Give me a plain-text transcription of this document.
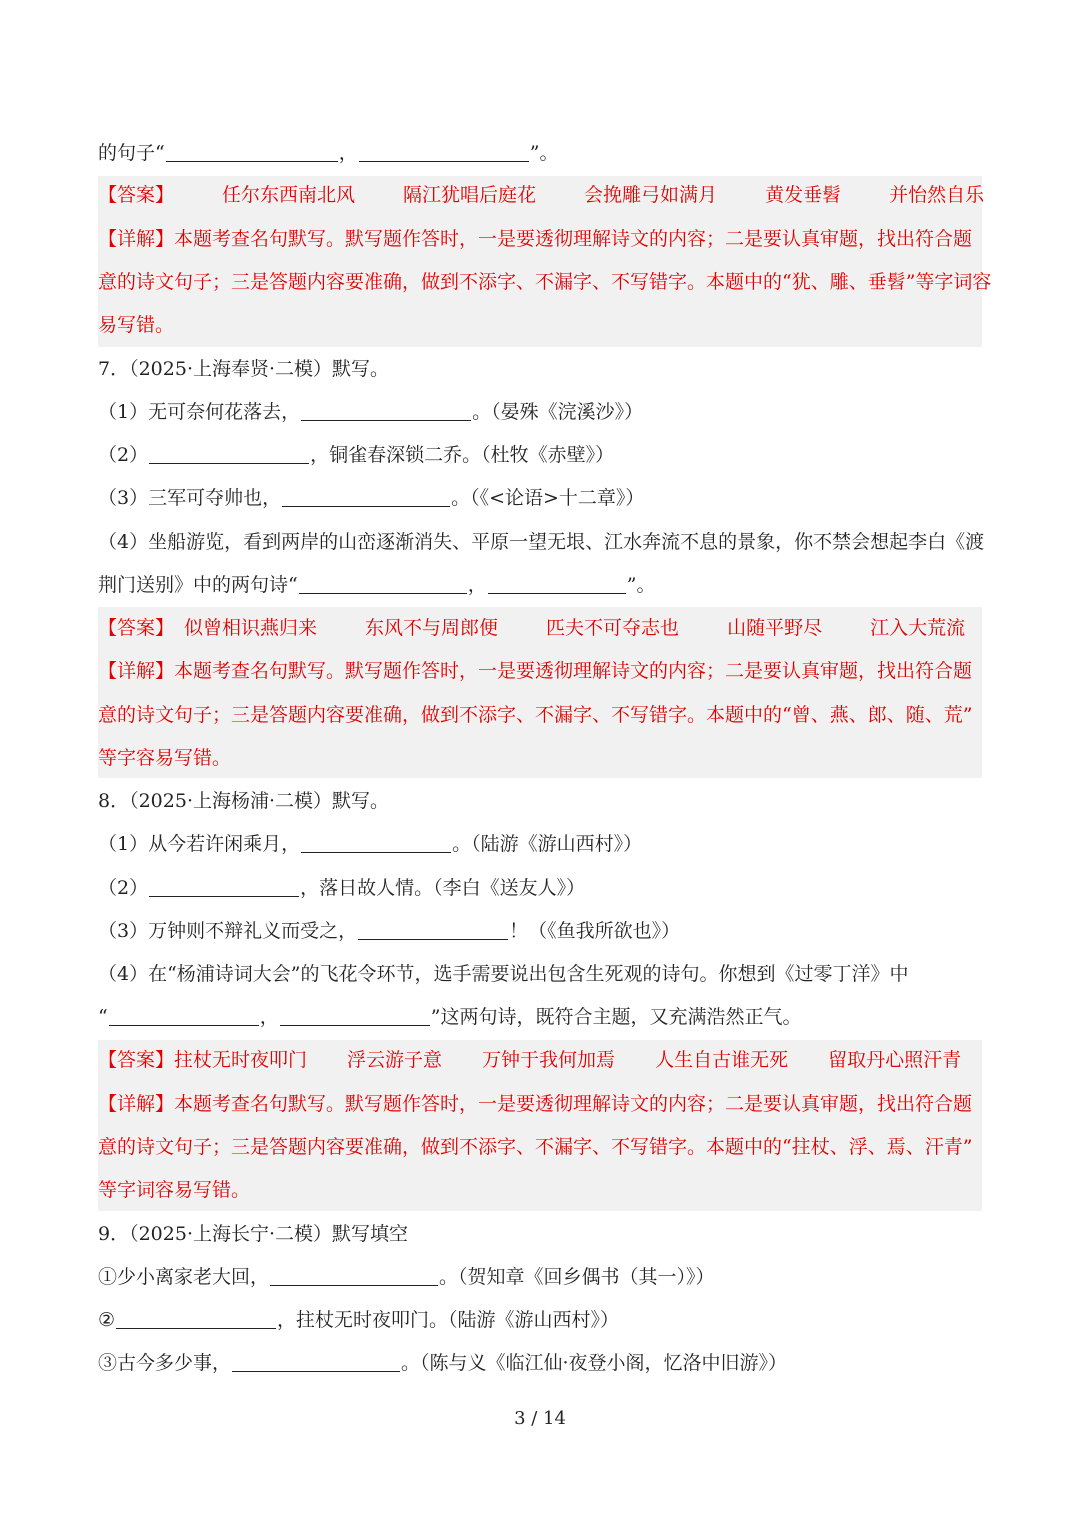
的句子“	，	”。
【答案】	任尔东西南北风	隔江犹唱后庭花	会挽雕弓如满月	黄发垂髫	并怡然自乐
【详解】本题考查名句默写。默写题作答时，一是要透彻理解诗文的内容；二是要认真审题，找出符合题
意的诗文句子；三是答题内容要准确，做到不添字、不漏字、不写错字。本题中的“犹、雕、垂髫”等字词容
易写错。
7．（2025·上海奉贤·二模）默写。
（1）无可奈何花落去，	。（晏殊《浣溪沙》）
（2）	，铜雀春深锁二乔。（杜牧《赤壁》）
（3）三军可夺帅也，	。（《<论语>十二章》）
（4）坐船游览，看到两岸的山峦逐渐消失、平原一望无垠、江水奔流不息的景象，你不禁会想起李白《渡
荆门送别》中的两句诗“	，	”。
【答案】 似曾相识燕归来	东风不与周郎便	匹夫不可夺志也	山随平野尽	江入大荒流
【详解】本题考查名句默写。默写题作答时，一是要透彻理解诗文的内容；二是要认真审题，找出符合题
意的诗文句子；三是答题内容要准确，做到不添字、不漏字、不写错字。本题中的“曾、燕、郎、随、荒”
等字容易写错。
8．（2025·上海杨浦·二模）默写。
（1）从今若许闲乘月，	。（陆游《游山西村》）
（2）	，落日故人情。（李白《送友人》）
（3）万钟则不辩礼义而受之，	！（《鱼我所欲也》）
（4）在“杨浦诗词大会”的飞花令环节，选手需要说出包含生死观的诗句。你想到《过零丁洋》中
“	，	”这两句诗，既符合主题，又充满浩然正气。
【答案】 拄杖无时夜叩门 浮云游子意 万钟于我何加焉 人生自古谁无死 留取丹心照汗青
【详解】本题考查名句默写。默写题作答时，一是要透彻理解诗文的内容；二是要认真审题，找出符合题
意的诗文句子；三是答题内容要准确，做到不添字、不漏字、不写错字。本题中的“拄杖、浮、焉、汗青”
等字词容易写错。
9．（2025·上海长宁·二模）默写填空
①少小离家老大回，	。（贺知章《回乡偶书（其一）》）
②	，拄杖无时夜叩门。（陆游《游山西村》）
③古今多少事，	。（陈与义《临江仙·夜登小阁，忆洛中旧游》）
3 / 14
